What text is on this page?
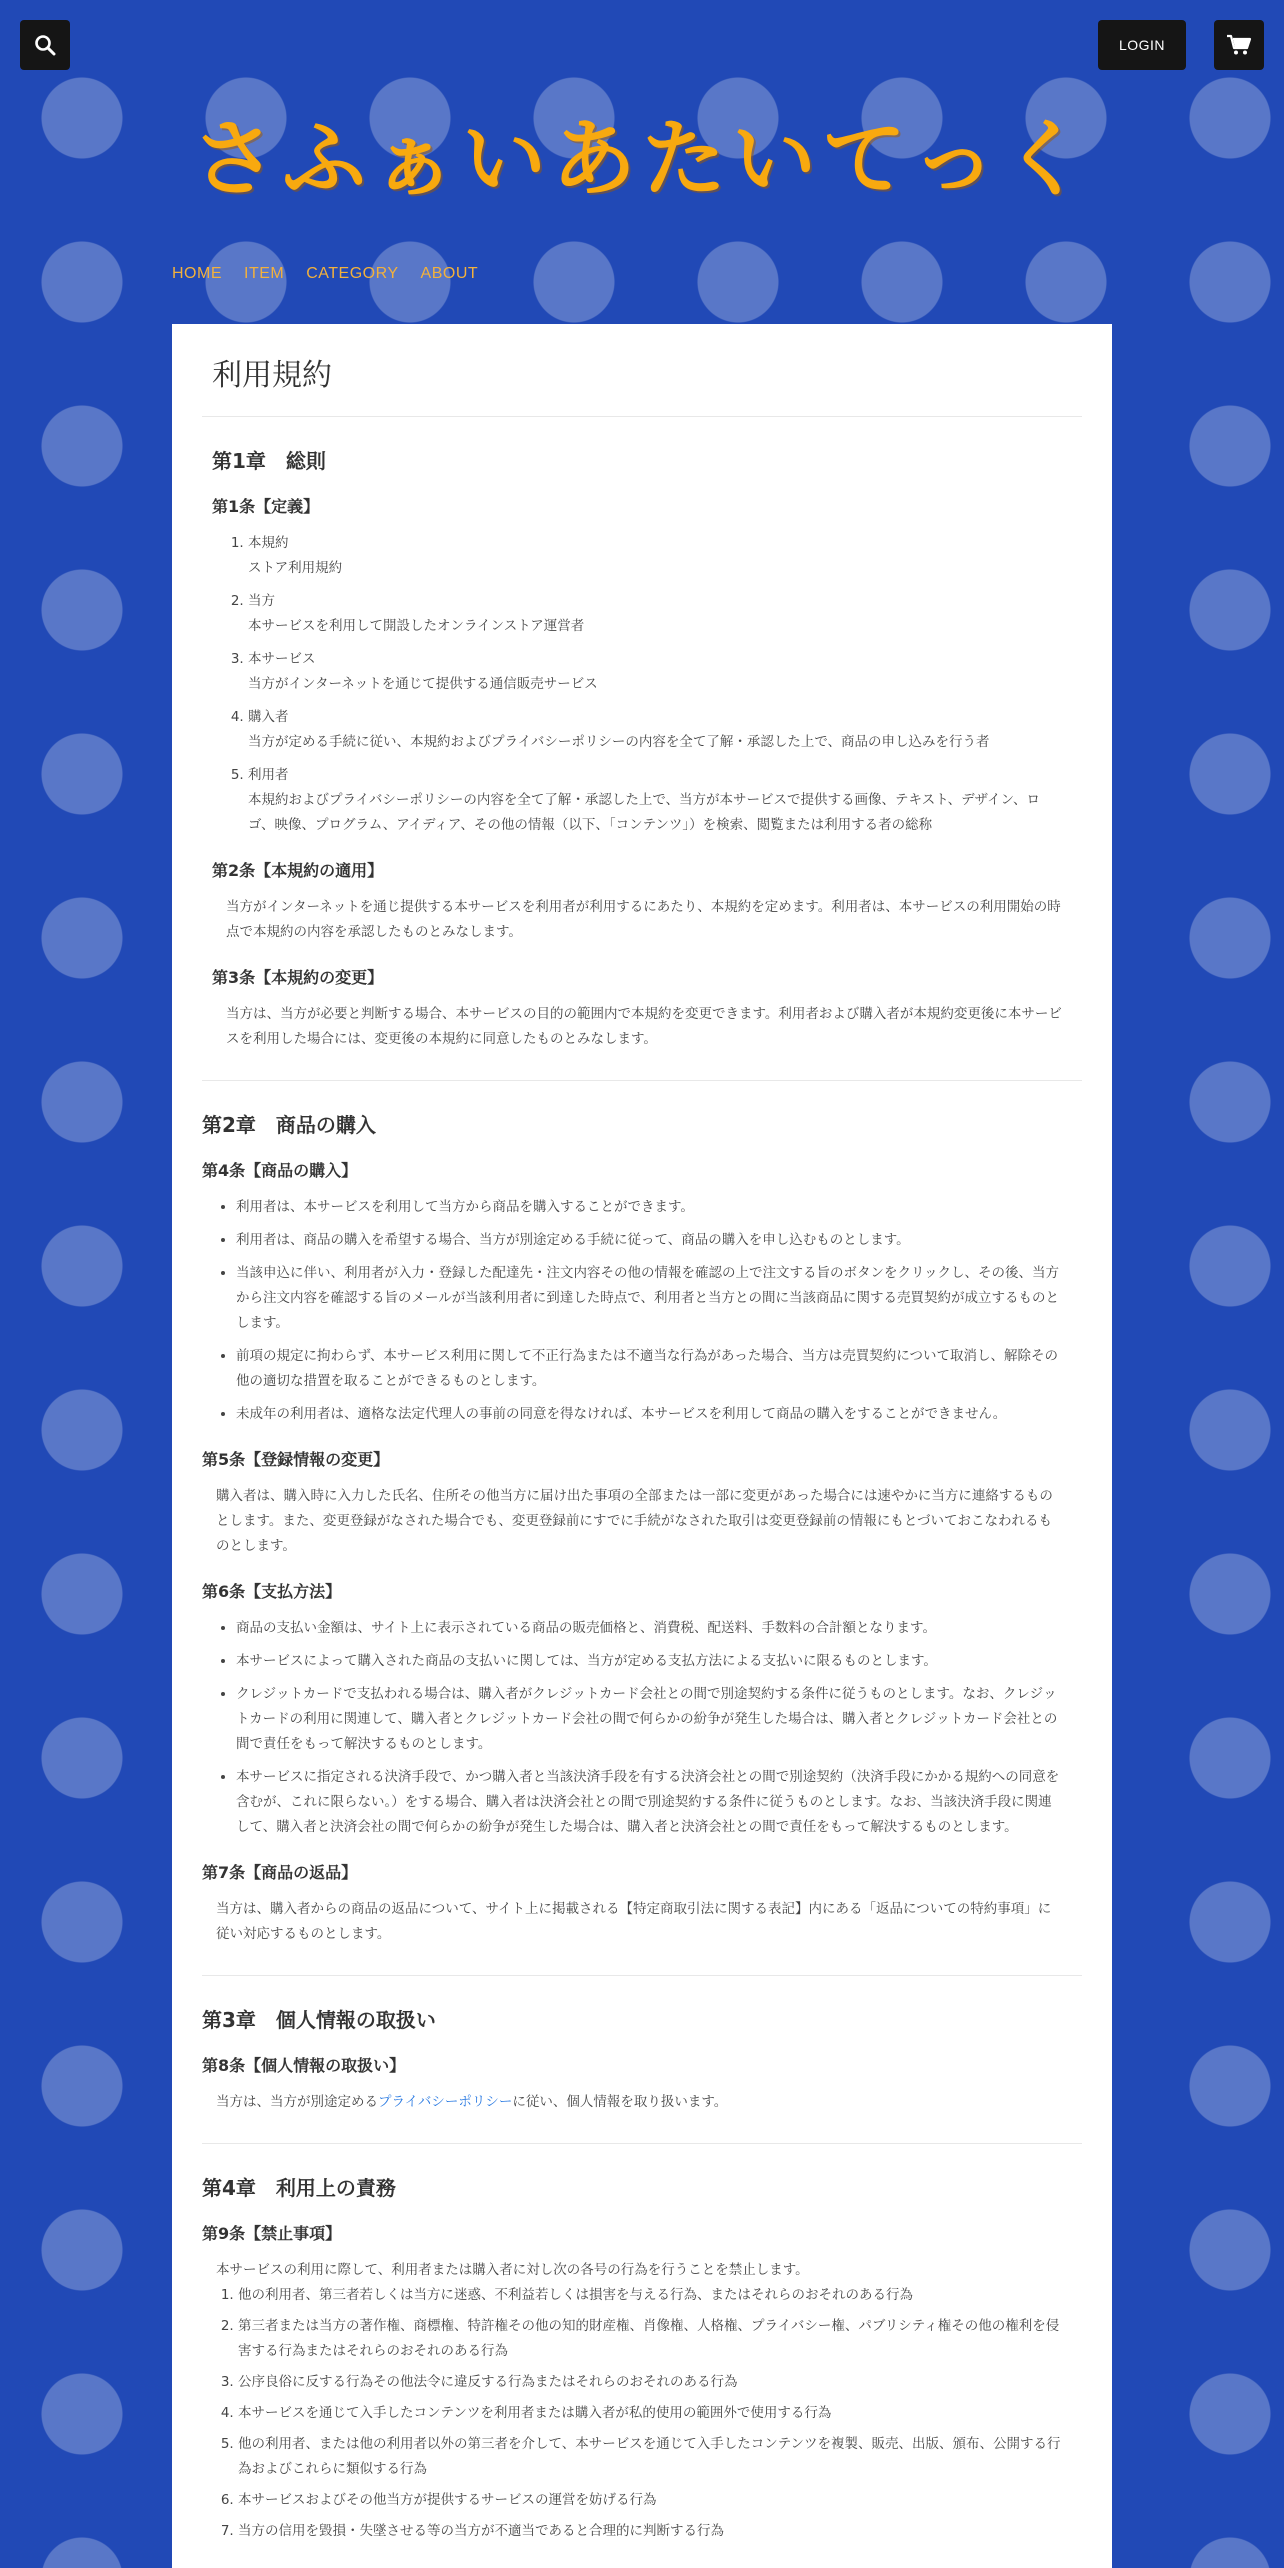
LOGIN
さふぁいあたいてっく
HOME ITEM CATEGORY ABOUT
利用規約
第1章　総則
第1条【定義】
1. 本規約
ストア利用規約
2. 当方
本サービスを利用して開設したオンラインストア運営者
3. 本サービス
当方がインターネットを通じて提供する通信販売サービス
4. 購入者
当方が定める手続に従い、本規約およびプライバシーポリシーの内容を全て了解・承認した上で、商品の申し込みを行う者
5. 利用者
本規約およびプライバシーポリシーの内容を全て了解・承認した上で、当方が本サービスで提供する画像、テキスト、デザイン、ロゴ、映像、プログラム、アイディア、その他の情報（以下、「コンテンツ」）を検索、閲覧または利用する者の総称
第2条【本規約の適用】

当方がインターネットを通じ提供する本サービスを利用者が利用するにあたり、本規約を定めます。利用者は、本サービスの利用開始の時点で本規約の内容を承認したものとみなします。

第3条【本規約の変更】

当方は、当方が必要と判断する場合、本サービスの目的の範囲内で本規約を変更できます。利用者および購入者が本規約変更後に本サービスを利用した場合には、変更後の本規約に同意したものとみなします。

第2章　商品の購入
第4条【商品の購入】
• 利用者は、本サービスを利用して当方から商品を購入することができます。
• 利用者は、商品の購入を希望する場合、当方が別途定める手続に従って、商品の購入を申し込むものとします。
• 当該申込に伴い、利用者が入力・登録した配達先・注文内容その他の情報を確認の上で注文する旨のボタンをクリックし、その後、当方から注文内容を確認する旨のメールが当該利用者に到達した時点で、利用者と当方との間に当該商品に関する売買契約が成立するものとします。
• 前項の規定に拘わらず、本サービス利用に関して不正行為または不適当な行為があった場合、当方は売買契約について取消し、解除その他の適切な措置を取ることができるものとします。
• 未成年の利用者は、適格な法定代理人の事前の同意を得なければ、本サービスを利用して商品の購入をすることができません。
第5条【登録情報の変更】

購入者は、購入時に入力した氏名、住所その他当方に届け出た事項の全部または一部に変更があった場合には速やかに当方に連絡するものとします。また、変更登録がなされた場合でも、変更登録前にすでに手続がなされた取引は変更登録前の情報にもとづいておこなわれるものとします。

第6条【支払方法】
• 商品の支払い金額は、サイト上に表示されている商品の販売価格と、消費税、配送料、手数料の合計額となります。
• 本サービスによって購入された商品の支払いに関しては、当方が定める支払方法による支払いに限るものとします。
• クレジットカードで支払われる場合は、購入者がクレジットカード会社との間で別途契約する条件に従うものとします。なお、クレジットカードの利用に関連して、購入者とクレジットカード会社の間で何らかの紛争が発生した場合は、購入者とクレジットカード会社との間で責任をもって解決するものとします。
• 本サービスに指定される決済手段で、かつ購入者と当該決済手段を有する決済会社との間で別途契約（決済手段にかかる規約への同意を含むが、これに限らない。）をする場合、購入者は決済会社との間で別途契約する条件に従うものとします。なお、当該決済手段に関連して、購入者と決済会社の間で何らかの紛争が発生した場合は、購入者と決済会社との間で責任をもって解決するものとします。
第7条【商品の返品】

当方は、購入者からの商品の返品について、サイト上に掲載される【特定商取引法に関する表記】内にある「返品についての特約事項」に従い対応するものとします。

第3章　個人情報の取扱い
第8条【個人情報の取扱い】

当方は、当方が別途定めるプライバシーポリシーに従い、個人情報を取り扱います。

第4章　利用上の責務
第9条【禁止事項】

本サービスの利用に際して、利用者または購入者に対し次の各号の行為を行うことを禁止します。

1. 他の利用者、第三者若しくは当方に迷惑、不利益若しくは損害を与える行為、またはそれらのおそれのある行為
2. 第三者または当方の著作権、商標権、特許権その他の知的財産権、肖像権、人格権、プライバシー権、パブリシティ権その他の権利を侵害する行為またはそれらのおそれのある行為
3. 公序良俗に反する行為その他法令に違反する行為またはそれらのおそれのある行為
4. 本サービスを通じて入手したコンテンツを利用者または購入者が私的使用の範囲外で使用する行為
5. 他の利用者、または他の利用者以外の第三者を介して、本サービスを通じて入手したコンテンツを複製、販売、出版、頒布、公開する行為およびこれらに類似する行為
6. 本サービスおよびその他当方が提供するサービスの運営を妨げる行為
7. 当方の信用を毀損・失墜させる等の当方が不適当であると合理的に判断する行為
